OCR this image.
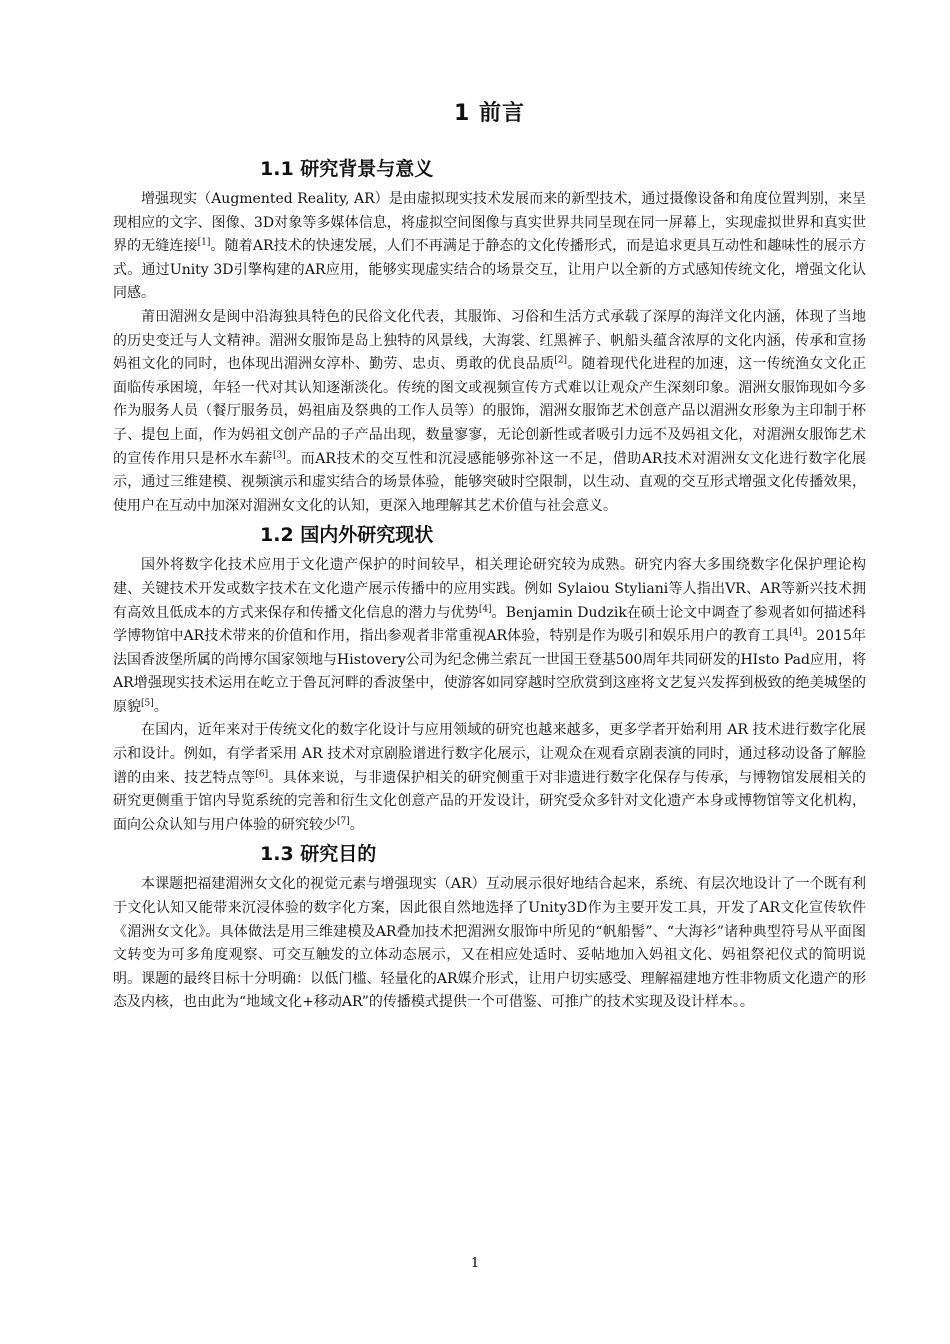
1 前言
1.1 研究背景与意义

增强现实（Augmented Reality, AR）是由虚拟现实技术发展而来的新型技术，通过摄像设备和角度位置判别，来呈现相应的文字、图像、3D对象等多媒体信息，将虚拟空间图像与真实世界共同呈现在同一屏幕上，实现虚拟世界和真实世界的无缝连接[1]。随着AR技术的快速发展，人们不再满足于静态的文化传播形式，而是追求更具互动性和趣味性的展示方式。通过Unity 3D引擎构建的AR应用，能够实现虚实结合的场景交互，让用户以全新的方式感知传统文化，增强文化认同感。

莆田湄洲女是闽中沿海独具特色的民俗文化代表，其服饰、习俗和生活方式承载了深厚的海洋文化内涵，体现了当地的历史变迁与人文精神。湄洲女服饰是岛上独特的风景线，大海裳、红黑裤子、帆船头蕴含浓厚的文化内涵，传承和宣扬妈祖文化的同时，也体现出湄洲女淳朴、勤劳、忠贞、勇敢的优良品质[2]。随着现代化进程的加速，这一传统渔女文化正面临传承困境，年轻一代对其认知逐渐淡化。传统的图文或视频宣传方式难以让观众产生深刻印象。湄洲女服饰现如今多作为服务人员（餐厅服务员，妈祖庙及祭典的工作人员等）的服饰，湄洲女服饰艺术创意产品以湄洲女形象为主印制于杯子、提包上面，作为妈祖文创产品的子产品出现，数量寥寥，无论创新性或者吸引力远不及妈祖文化，对湄洲女服饰艺术的宣传作用只是杯水车薪[3]。而AR技术的交互性和沉浸感能够弥补这一不足，借助AR技术对湄洲女文化进行数字化展示，通过三维建模、视频演示和虚实结合的场景体验，能够突破时空限制，以生动、直观的交互形式增强文化传播效果，使用户在互动中加深对湄洲女文化的认知，更深入地理解其艺术价值与社会意义。

1.2 国内外研究现状

国外将数字化技术应用于文化遗产保护的时间较早，相关理论研究较为成熟。研究内容大多围绕数字化保护理论构建、关键技术开发或数字技术在文化遗产展示传播中的应用实践。例如 Sylaiou Styliani等人指出VR、AR等新兴技术拥有高效且低成本的方式来保存和传播文化信息的潜力与优势[4]。Benjamin Dudzik在硕士论文中调查了参观者如何描述科学博物馆中AR技术带来的价值和作用，指出参观者非常重视AR体验，特别是作为吸引和娱乐用户的教育工具[4]。2015年法国香波堡所属的尚博尔国家领地与Histovery公司为纪念佛兰索瓦一世国王登基500周年共同研发的HIsto Pad应用，将AR增强现实技术运用在屹立于鲁瓦河畔的香波堡中，使游客如同穿越时空欣赏到这座将文艺复兴发挥到极致的绝美城堡的原貌[5]。

在国内，近年来对于传统文化的数字化设计与应用领域的研究也越来越多，更多学者开始利用 AR 技术进行数字化展示和设计。例如，有学者采用 AR 技术对京剧脸谱进行数字化展示，让观众在观看京剧表演的同时，通过移动设备了解脸谱的由来、技艺特点等[6]。具体来说，与非遗保护相关的研究侧重于对非遗进行数字化保存与传承，与博物馆发展相关的研究更侧重于馆内导览系统的完善和衍生文化创意产品的开发设计，研究受众多针对文化遗产本身或博物馆等文化机构，面向公众认知与用户体验的研究较少[7]。

1.3 研究目的

本课题把福建湄洲女文化的视觉元素与增强现实（AR）互动展示很好地结合起来，系统、有层次地设计了一个既有利于文化认知又能带来沉浸体验的数字化方案，因此很自然地选择了Unity3D作为主要开发工具，开发了AR文化宣传软件《湄洲女文化》。具体做法是用三维建模及AR叠加技术把湄洲女服饰中所见的“帆船髻”、“大海衫”诸种典型符号从平面图文转变为可多角度观察、可交互触发的立体动态展示，又在相应处适时、妥帖地加入妈祖文化、妈祖祭祀仪式的简明说明。课题的最终目标十分明确：以低门槛、轻量化的AR媒介形式，让用户切实感受、理解福建地方性非物质文化遗产的形态及内核，也由此为“地域文化+移动AR”的传播模式提供一个可借鉴、可推广的技术实现及设计样本。。

1
